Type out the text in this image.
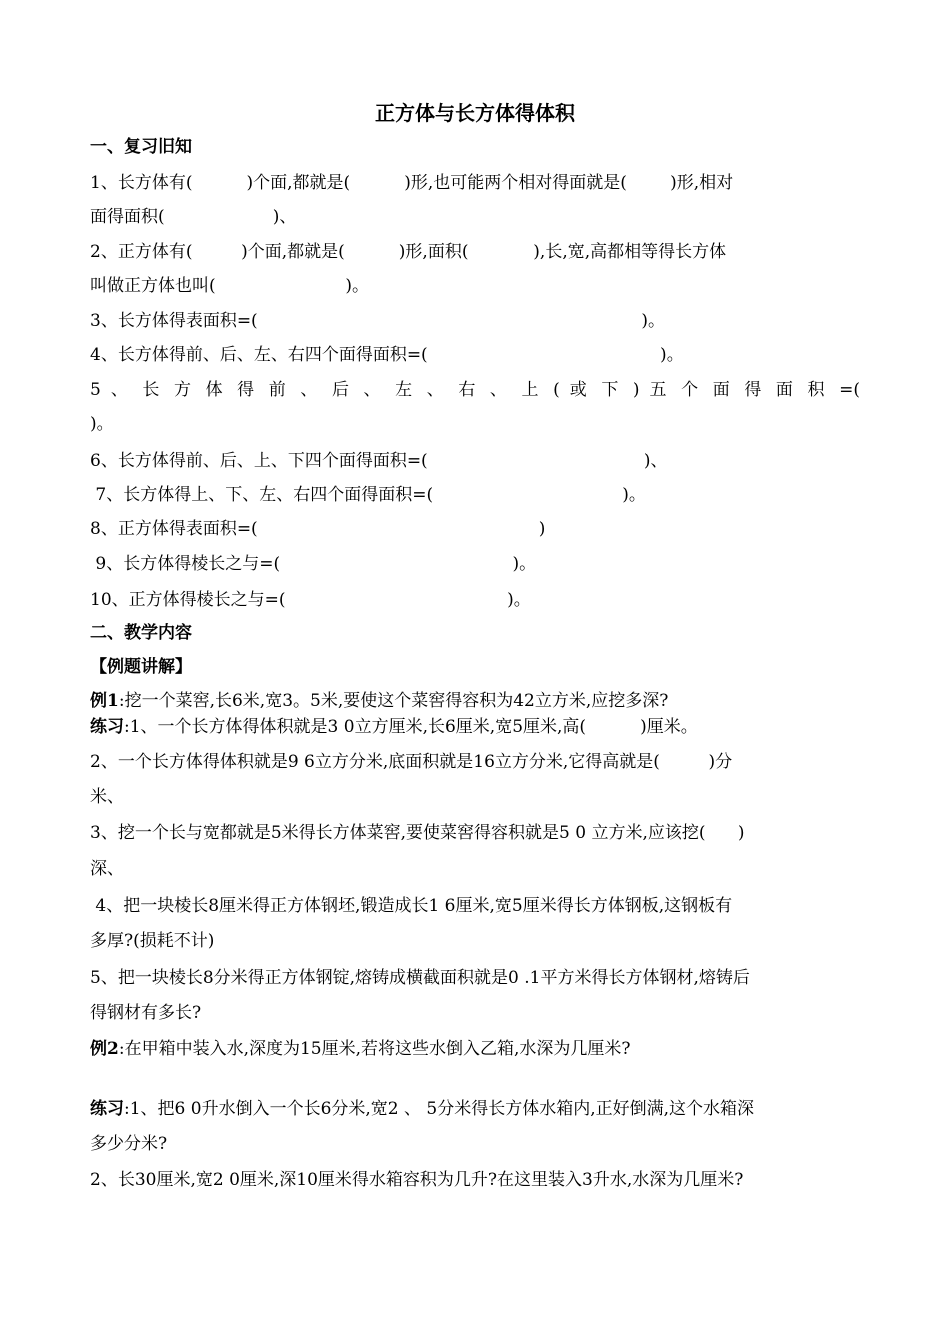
正方体与长方体得体积
一、复习旧知
1、长方体有(          )个面,都就是(          )形,也可能两个相对得面就是(        )形,相对
面得面积(                    )、
2、正方体有(         )个面,都就是(          )形,面积(            ),长,宽,高都相等得长方体
叫做正方体也叫(                        )。
3、长方体得表面积=(                                                                       )。
4、长方体得前、后、左、右四个面得面积=(                                           )。
5 、 长 方 体 得 前 、 后 、 左 、 右 、 上 ( 或 下 ) 五 个 面 得 面 积 =(
)。
6、长方体得前、后、上、下四个面得面积=(                                        )、
7、长方体得上、下、左、右四个面得面积=(                                   )。
8、正方体得表面积=(                                                    )
9、长方体得棱长之与=(                                           )。
10、正方体得棱长之与=(                                         )。
二、教学内容
【例题讲解】
例1:挖一个菜窖,长6米,宽3。5米,要使这个菜窖得容积为42立方米,应挖多深?
练习:1、一个长方体得体积就是3 0立方厘米,长6厘米,宽5厘米,高(          )厘米。
2、一个长方体得体积就是9 6立方分米,底面积就是16立方分米,它得高就是(         )分
米、
3、挖一个长与宽都就是5米得长方体菜窖,要使菜窖得容积就是5 0 立方米,应该挖(      )
深、
4、把一块棱长8厘米得正方体钢坯,锻造成长1 6厘米,宽5厘米得长方体钢板,这钢板有
多厚?(损耗不计)
5、把一块棱长8分米得正方体钢锭,熔铸成横截面积就是0 .1平方米得长方体钢材,熔铸后
得钢材有多长?
例2:在甲箱中装入水,深度为15厘米,若将这些水倒入乙箱,水深为几厘米?
练习:1、把6 0升水倒入一个长6分米,宽2 、 5分米得长方体水箱内,正好倒满,这个水箱深
多少分米?
2、长30厘米,宽2 0厘米,深10厘米得水箱容积为几升?在这里装入3升水,水深为几厘米?
